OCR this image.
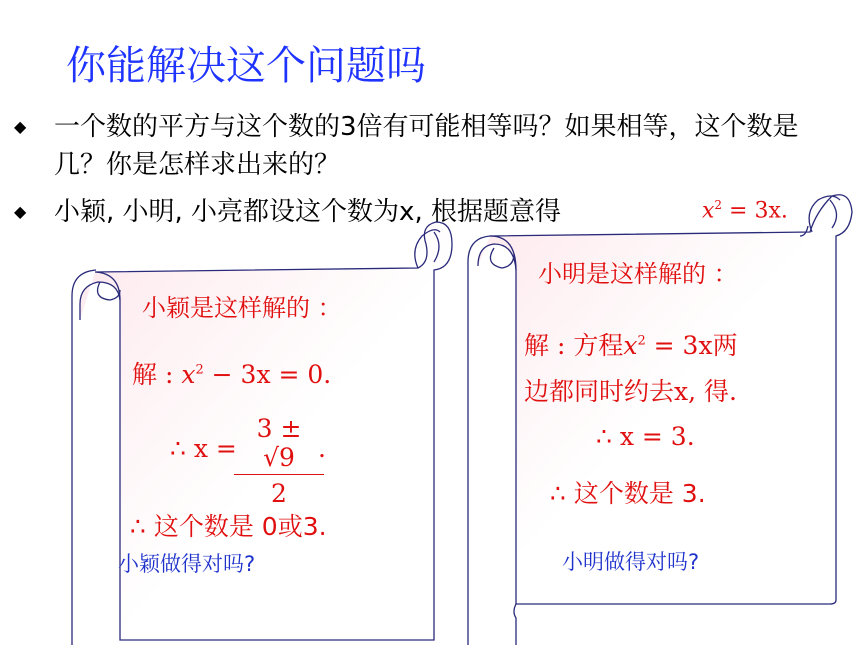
你能解决这个问题吗
◆ 一个数的平方与这个数的3倍有可能相等吗？如果相等，这个数是几？你是怎样求出来的？
◆ 小颖, 小明, 小亮都设这个数为x, 根据题意得	$x^2 = 3x$.
小颖是这样解的 ：
解 : $x^2 - 3x = 0$.
∴ x =
$\frac{3 \pm √9}{2}$
.
∴ 这个数是 0或3.
小颖做得对吗?
小明是这样解的 ：
解 : 方程$x^2 = 3x$两
边都同时约去x, 得.
∴ x = 3.
∴ 这个数是 3.
小明做得对吗?
